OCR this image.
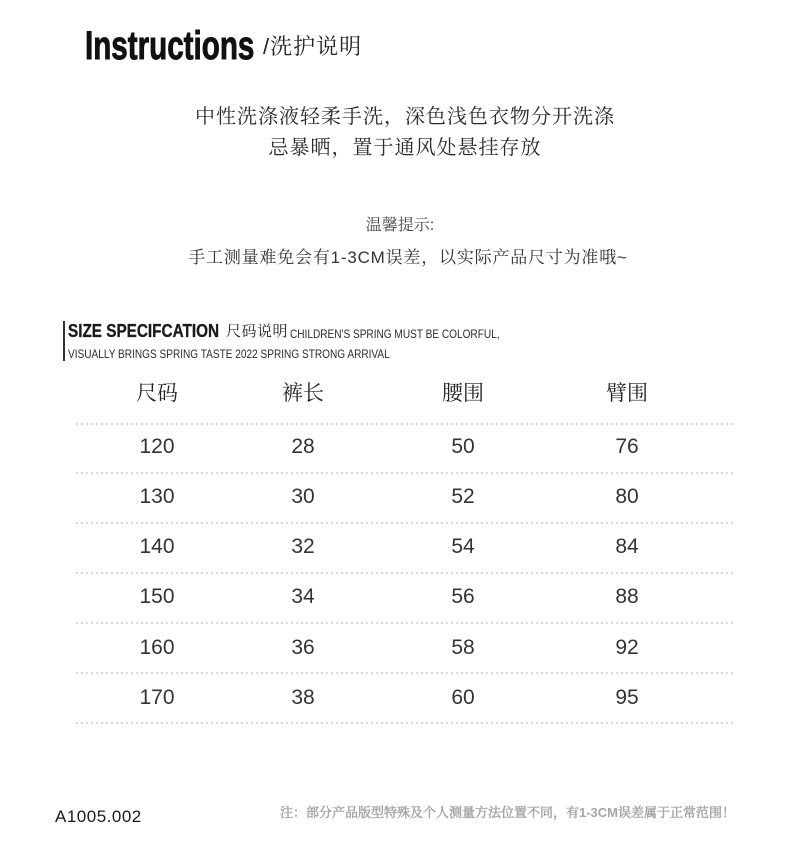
Instructions /洗护说明
中性洗涤液轻柔手洗，深色浅色衣物分开洗涤
忌暴晒，置于通风处悬挂存放
温馨提示:
手工测量难免会有1-3CM误差，以实际产品尺寸为准哦~
SIZE SPECIFCATION 尺码说明 CHILDREN'S SPRING MUST BE COLORFUL,
VISUALLY BRINGS SPRING TASTE 2022 SPRING STRONG ARRIVAL
尺码	裤长	腰围	臂围
120	28	50	76
130	30	52	80
140	32	54	84
150	34	56	88
160	36	58	92
170	38	60	95
A1005.002	注：部分产品版型特殊及个人测量方法位置不同，有1-3CM误差属于正常范围！
